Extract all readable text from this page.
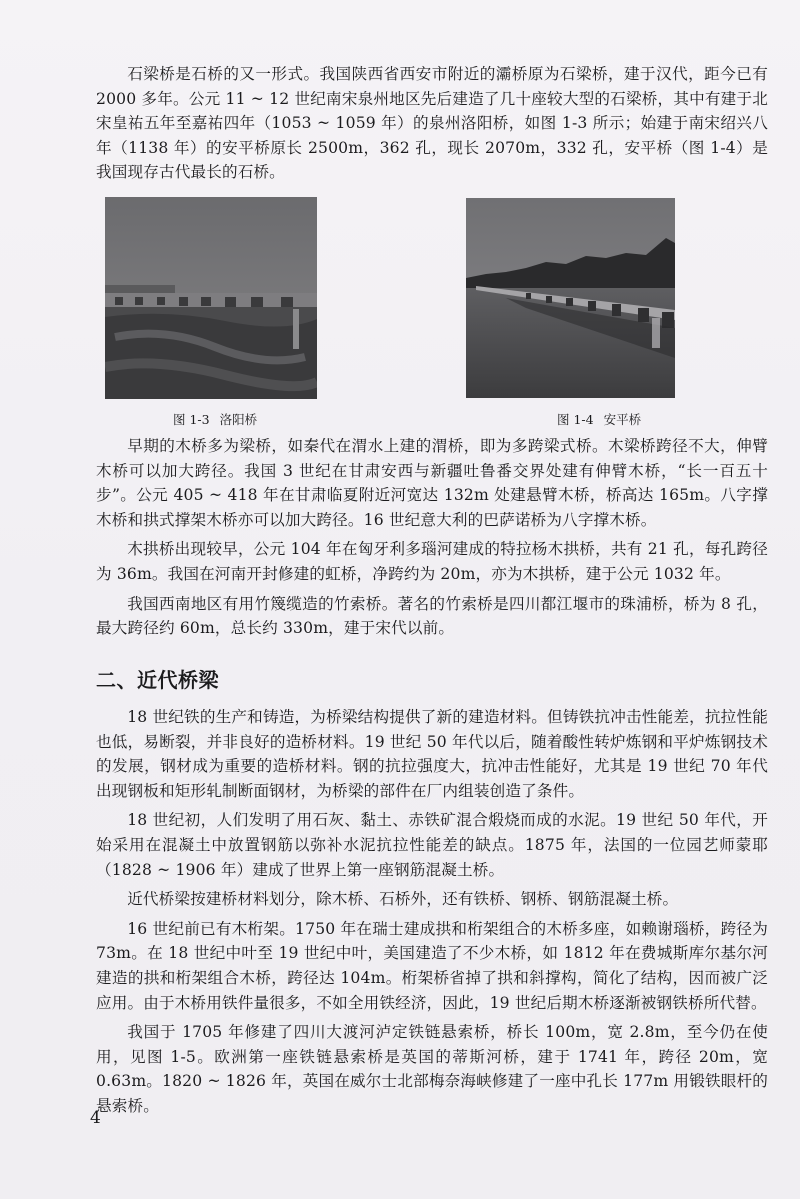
石梁桥是石桥的又一形式。我国陕西省西安市附近的灞桥原为石梁桥，建于汉代，距今已有 2000 多年。公元 11 ~ 12 世纪南宋泉州地区先后建造了几十座较大型的石梁桥，其中有建于北宋皇祐五年至嘉祐四年（1053 ~ 1059 年）的泉州洛阳桥，如图 1-3 所示；始建于南宋绍兴八年（1138 年）的安平桥原长 2500m，362 孔，现长 2070m，332 孔，安平桥（图 1-4）是我国现存古代最长的石桥。

图 1-3 洛阳桥	图 1-4 安平桥

早期的木桥多为梁桥，如秦代在渭水上建的渭桥，即为多跨梁式桥。木梁桥跨径不大，伸臂木桥可以加大跨径。我国 3 世纪在甘肃安西与新疆吐鲁番交界处建有伸臂木桥，“长一百五十步”。公元 405 ~ 418 年在甘肃临夏附近河宽达 132m 处建悬臂木桥，桥高达 165m。八字撑木桥和拱式撑架木桥亦可以加大跨径。16 世纪意大利的巴萨诺桥为八字撑木桥。

木拱桥出现较早，公元 104 年在匈牙利多瑙河建成的特拉杨木拱桥，共有 21 孔，每孔跨径为 36m。我国在河南开封修建的虹桥，净跨约为 20m，亦为木拱桥，建于公元 1032 年。

我国西南地区有用竹篾缆造的竹索桥。著名的竹索桥是四川都江堰市的珠浦桥，桥为 8 孔，最大跨径约 60m，总长约 330m，建于宋代以前。

二、近代桥梁

18 世纪铁的生产和铸造，为桥梁结构提供了新的建造材料。但铸铁抗冲击性能差，抗拉性能也低，易断裂，并非良好的造桥材料。19 世纪 50 年代以后，随着酸性转炉炼钢和平炉炼钢技术的发展，钢材成为重要的造桥材料。钢的抗拉强度大，抗冲击性能好，尤其是 19 世纪 70 年代出现钢板和矩形轧制断面钢材，为桥梁的部件在厂内组装创造了条件。

18 世纪初，人们发明了用石灰、黏土、赤铁矿混合煅烧而成的水泥。19 世纪 50 年代，开始采用在混凝土中放置钢筋以弥补水泥抗拉性能差的缺点。1875 年，法国的一位园艺师蒙耶（1828 ~ 1906 年）建成了世界上第一座钢筋混凝土桥。

近代桥梁按建桥材料划分，除木桥、石桥外，还有铁桥、钢桥、钢筋混凝土桥。

16 世纪前已有木桁架。1750 年在瑞士建成拱和桁架组合的木桥多座，如赖谢瑙桥，跨径为 73m。在 18 世纪中叶至 19 世纪中叶，美国建造了不少木桥，如 1812 年在费城斯库尔基尔河建造的拱和桁架组合木桥，跨径达 104m。桁架桥省掉了拱和斜撑构，简化了结构，因而被广泛应用。由于木桥用铁件量很多，不如全用铁经济，因此，19 世纪后期木桥逐渐被钢铁桥所代替。

我国于 1705 年修建了四川大渡河泸定铁链悬索桥，桥长 100m，宽 2.8m，至今仍在使用，见图 1-5。欧洲第一座铁链悬索桥是英国的蒂斯河桥，建于 1741 年，跨径 20m，宽 0.63m。1820 ~ 1826 年，英国在威尔士北部梅奈海峡修建了一座中孔长 177m 用锻铁眼杆的悬索桥。

4
